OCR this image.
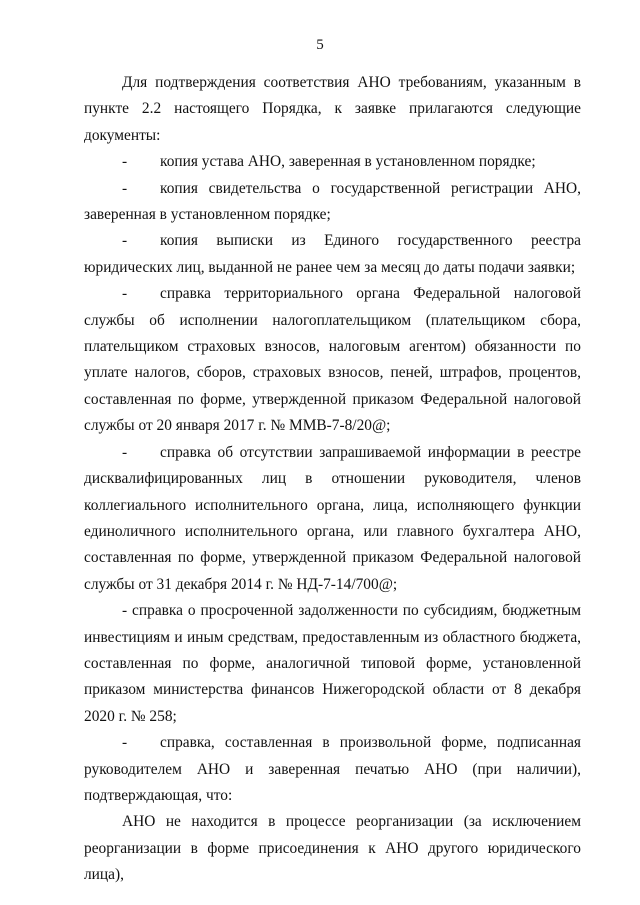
5

Для подтверждения соответствия АНО требованиям, указанным в пункте 2.2 настоящего Порядка, к заявке прилагаются следующие документы:

- копия устава АНО, заверенная в установленном порядке;

- копия свидетельства о государственной регистрации АНО, заверенная в установленном порядке;

- копия выписки из Единого государственного реестра юридических лиц, выданной не ранее чем за месяц до даты подачи заявки;

- справка территориального органа Федеральной налоговой службы об исполнении налогоплательщиком (плательщиком сбора, плательщиком страховых взносов, налоговым агентом) обязанности по уплате налогов, сборов, страховых взносов, пеней, штрафов, процентов, составленная по форме, утвержденной приказом Федеральной налоговой службы от 20 января 2017 г. № ММВ-7-8/20@;

- справка об отсутствии запрашиваемой информации в реестре дисквалифицированных лиц в отношении руководителя, членов коллегиального исполнительного органа, лица, исполняющего функции единоличного исполнительного органа, или главного бухгалтера АНО, составленная по форме, утвержденной приказом Федеральной налоговой службы от 31 декабря 2014 г. № НД-7-14/700@;

- справка о просроченной задолженности по субсидиям, бюджетным инвестициям и иным средствам, предоставленным из областного бюджета, составленная по форме, аналогичной типовой форме, установленной приказом министерства финансов Нижегородской области от 8 декабря 2020 г. № 258;

- справка, составленная в произвольной форме, подписанная руководителем АНО и заверенная печатью АНО (при наличии), подтверждающая, что:

АНО не находится в процессе реорганизации (за исключением реорганизации в форме присоединения к АНО другого юридического лица),
